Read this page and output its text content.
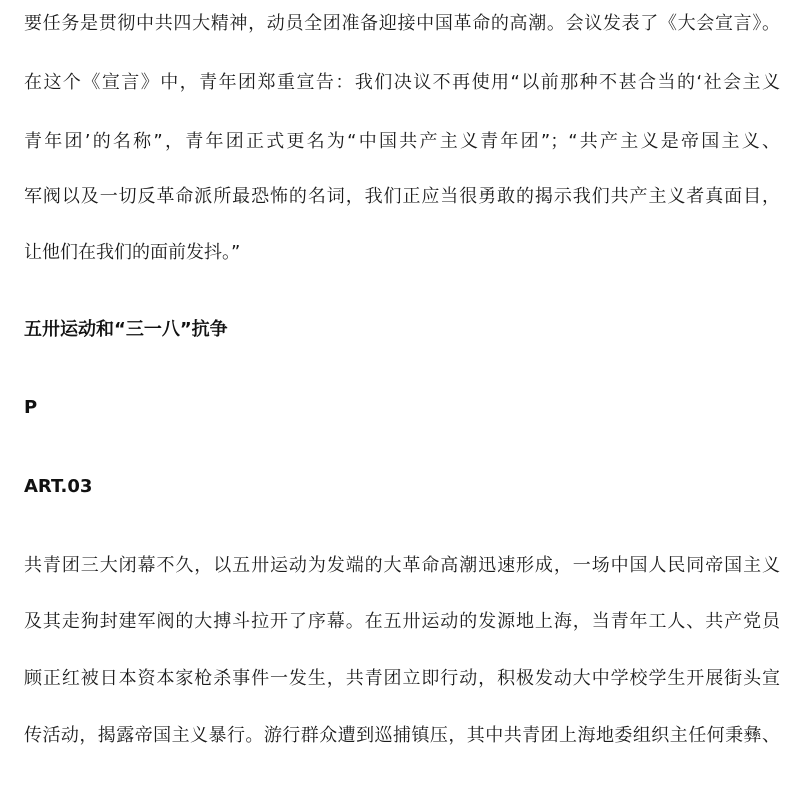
要任务是贯彻中共四大精神，动员全团准备迎接中国革命的高潮。会议发表了《大会宣言》。
在这个《宣言》中，青年团郑重宣告：我们决议不再使用“以前那种不甚合当的‘社会主义
青年团’的名称”，青年团正式更名为“中国共产主义青年团”；“共产主义是帝国主义、
军阀以及一切反革命派所最恐怖的名词，我们正应当很勇敢的揭示我们共产主义者真面目，
让他们在我们的面前发抖。”
五卅运动和“三一八”抗争
P
ART.03
共青团三大闭幕不久，以五卅运动为发端的大革命高潮迅速形成，一场中国人民同帝国主义
及其走狗封建军阀的大搏斗拉开了序幕。在五卅运动的发源地上海，当青年工人、共产党员
顾正红被日本资本家枪杀事件一发生，共青团立即行动，积极发动大中学校学生开展街头宣
传活动，揭露帝国主义暴行。游行群众遭到巡捕镇压，其中共青团上海地委组织主任何秉彝、
